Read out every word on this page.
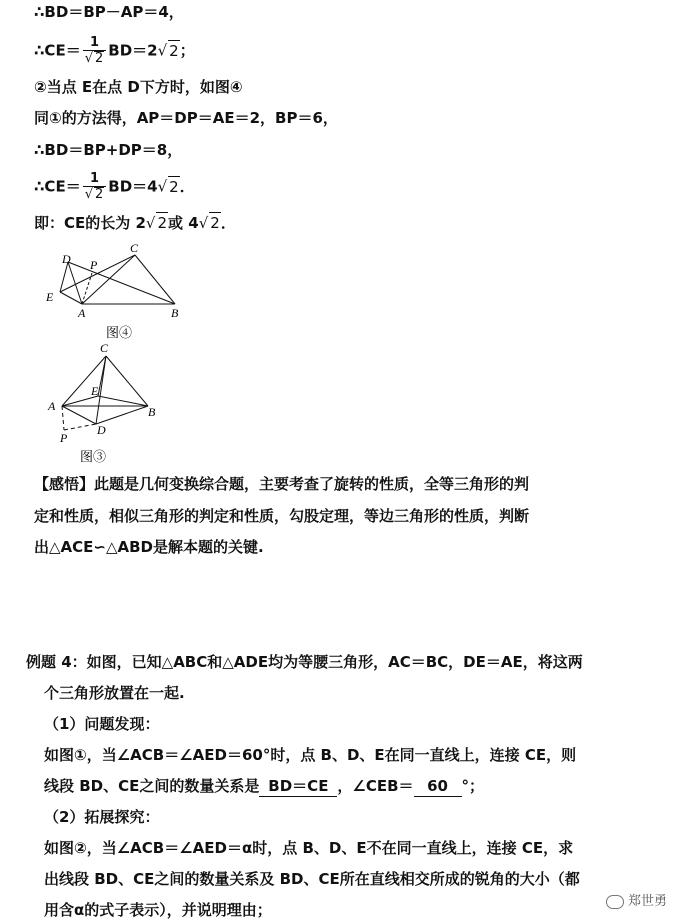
∴BD＝BP－AP＝4，
∴CE＝ $\frac{1}{√ 2} BD=2√$ 2；
②当点 E在点 D下方时，如图④
同①的方法得，AP＝DP＝AE＝2，BP＝6，
∴BD＝BP+DP＝8，
∴CE＝ $\frac{1}{√ 2} BD=4√$ 2．
即：CE的长为 2√ 2或 4√ 2．
D P
C
E
A	B
图④
C
E
A	B
P
D
图③
【感悟】此题是几何变换综合题，主要考查了旋转的性质，全等三角形的判
定和性质，相似三角形的判定和性质，勾股定理，等边三角形的性质，判断
出△ACE∽△ABD是解本题的关键.
例题 4：如图，已知△ABC和△ADE均为等腰三角形，AC＝BC，DE＝AE，将这两
个三角形放置在一起.
（1）问题发现：
如图①，当∠ACB＝∠AED＝60°时，点 B、D、E在同一直线上，连接 CE，则
线段 BD、CE之间的数量关系是 BD＝CE ，∠CEB＝ 60 °；
（2）拓展探究：
如图②，当∠ACB＝∠AED＝α时，点 B、D、E不在同一直线上，连接 CE，求
出线段 BD、CE之间的数量关系及 BD、CE所在直线相交所成的锐角的大小（都
用含α的式子表示），并说明理由；	郑世勇
